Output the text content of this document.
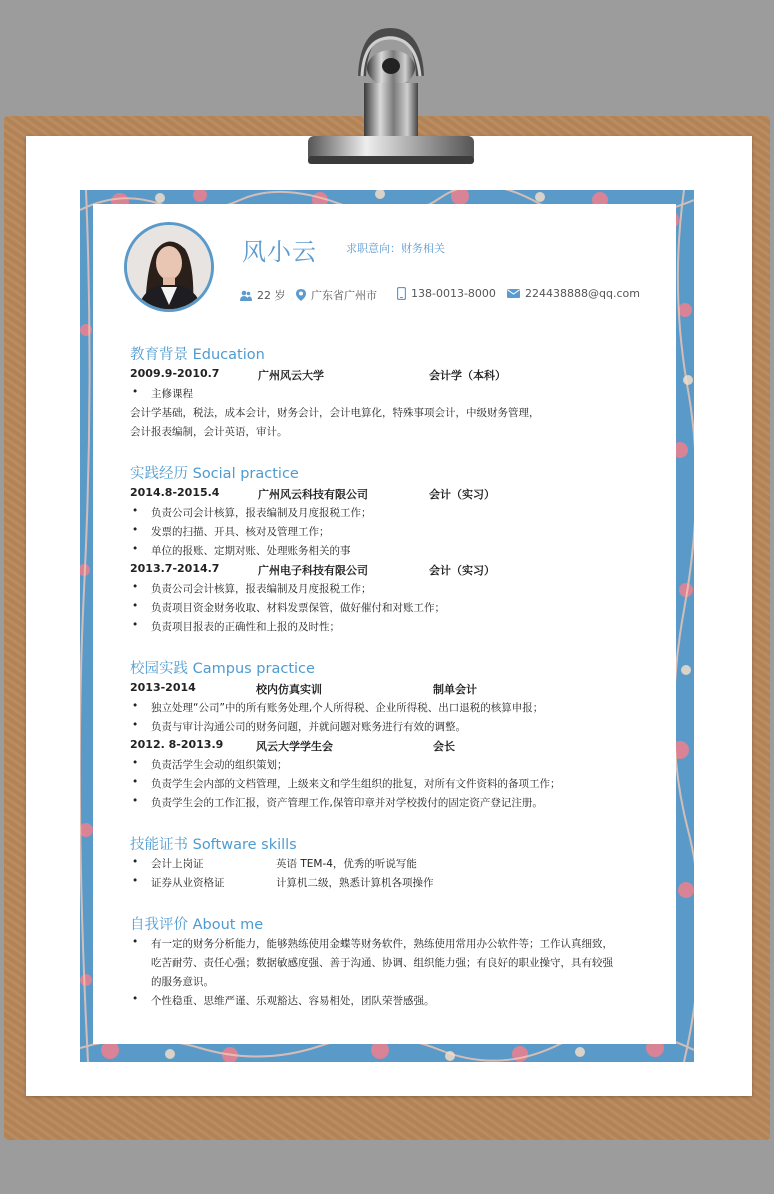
风小云	求职意向：财务相关
22 岁 广东省广州市	138-0013-8000	224438888@qq.com
教育背景 Education
2009.9-2010.7	广州风云大学	会计学（本科）
• 主修课程
会计学基础，税法，成本会计，财务会计，会计电算化，特殊事项会计，中级财务管理，
会计报表编制，会计英语，审计。
实践经历 Social practice
2014.8-2015.4	广州风云科技有限公司	会计（实习）
• 负责公司会计核算，报表编制及月度报税工作；
• 发票的扫描、开具、核对及管理工作；
• 单位的报账、定期对账、处理账务相关的事
2013.7-2014.7	广州电子科技有限公司	会计（实习）
• 负责公司会计核算，报表编制及月度报税工作；
• 负责项目资金财务收取、材料发票保管，做好催付和对账工作；
• 负责项目报表的正确性和上报的及时性；
校园实践 Campus practice
2013-2014	校内仿真实训	制单会计
• 独立处理“公司”中的所有账务处理,个人所得税、企业所得税、出口退税的核算申报；
• 负责与审计沟通公司的财务问题，并就问题对账务进行有效的调整。
2012. 8-2013.9	风云大学学生会	会长
• 负责活学生会动的组织策划；
• 负责学生会内部的文档管理，上级来文和学生组织的批复，对所有文件资料的备项工作；
• 负责学生会的工作汇报，资产管理工作,保管印章并对学校拨付的固定资产登记注册。
技能证书 Software skills
• 会计上岗证	英语 TEM-4，优秀的听说写能
• 证券从业资格证	计算机二级，熟悉计算机各项操作
自我评价 About me
• 有一定的财务分析能力，能够熟练使用金蝶等财务软件，熟练使用常用办公软件等；工作认真细致，
吃苦耐劳、责任心强；数据敏感度强、善于沟通、协调、组织能力强；有良好的职业操守，具有较强
的服务意识。
• 个性稳重、思维严谨、乐观豁达、容易相处，团队荣誉感强。
